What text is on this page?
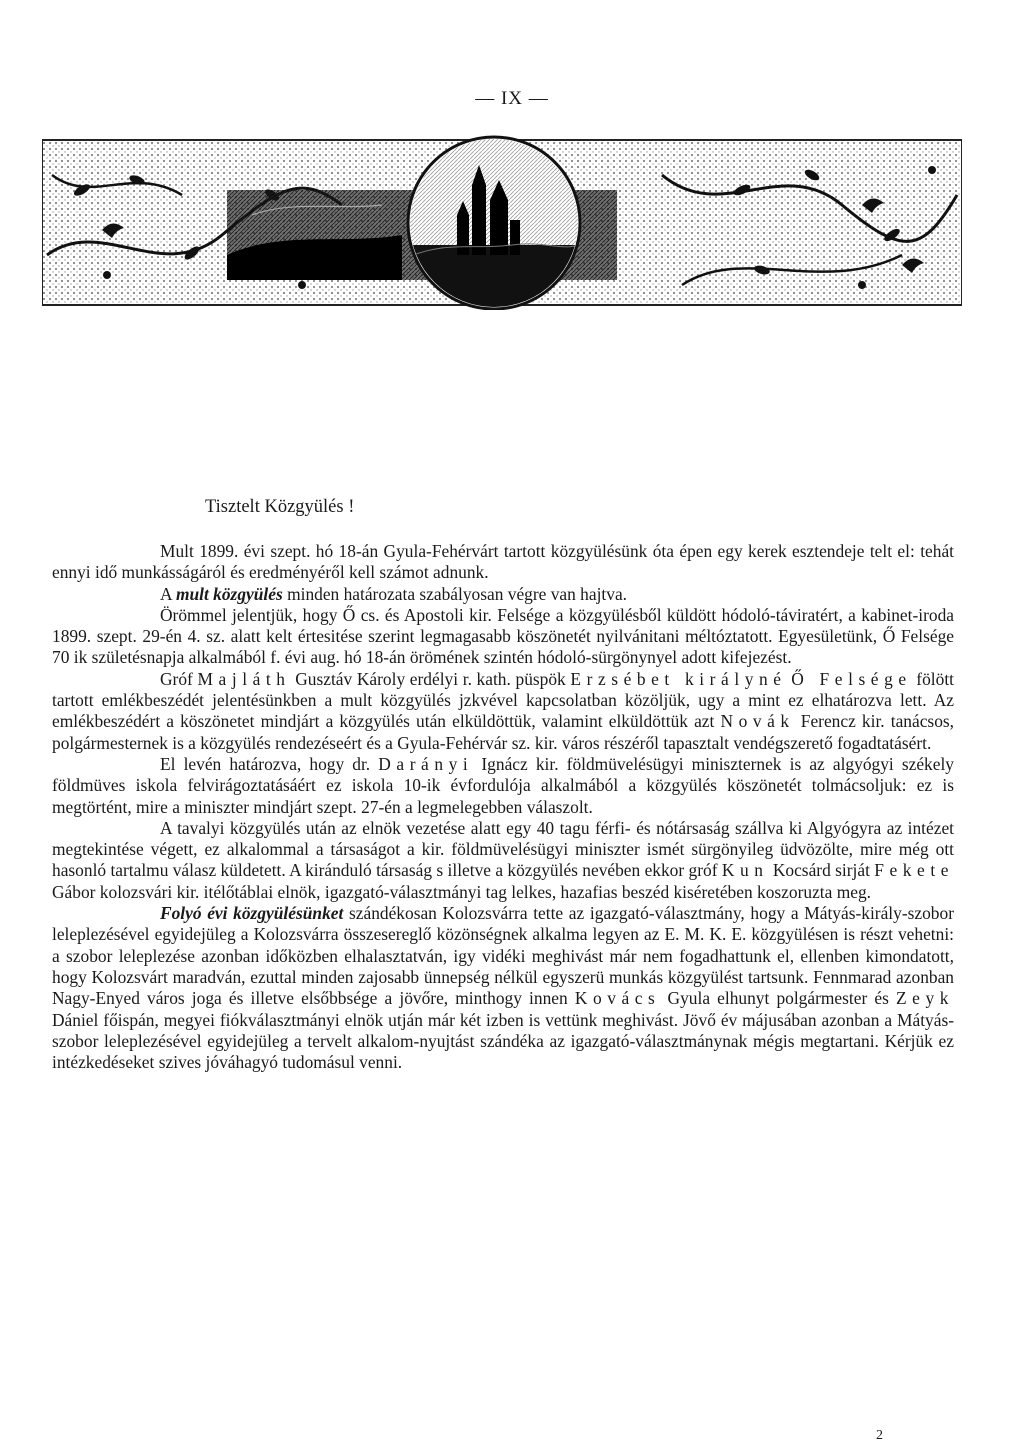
— IX —
Tisztelt Közgyülés !

Mult 1899. évi szept. hó 18-án Gyula-Fehérvárt tartott közgyülésünk óta épen egy kerek esztendeje telt el: tehát ennyi idő munkásságáról és eredményéről kell számot adnunk.

A mult közgyülés minden határozata szabályosan végre van hajtva.

Örömmel jelentjük, hogy Ő cs. és Apostoli kir. Felsége a közgyülésből küldött hódoló-táviratért, a kabinet-iroda 1899. szept. 29-én 4. sz. alatt kelt értesitése szerint legmagasabb köszönetét nyilvánitani méltóztatott. Egyesületünk, Ő Felsége 70 ik születésnapja alkalmából f. évi aug. hó 18-án örömének szintén hódoló-sürgönynyel adott kifejezést.

Gróf Majláth Gusztáv Károly erdélyi r. kath. püspök Erzsébet királyné Ő Felsége fölött tartott emlékbeszédét jelentésünkben a mult közgyülés jzkvével kapcsolatban közöljük, ugy a mint ez elhatározva lett. Az emlékbeszédért a köszönetet mindjárt a közgyülés után elküldöttük, valamint elküldöttük azt Novák Ferencz kir. tanácsos, polgármesternek is a közgyülés rendezéseért és a Gyula-Fehérvár sz. kir. város részéről tapasztalt vendégszerető fogadtatásért.

El levén határozva, hogy dr. Darányi Ignácz kir. földmüvelésügyi miniszternek is az algyógyi székely földmüves iskola felvirágoztatásáért ez iskola 10-ik évfordulója alkalmából a közgyülés köszönetét tolmácsoljuk: ez is megtörtént, mire a miniszter mindjárt szept. 27-én a legmelegebben válaszolt.

A tavalyi közgyülés után az elnök vezetése alatt egy 40 tagu férfi- és nótársaság szállva ki Algyógyra az intézet megtekintése végett, ez alkalommal a társaságot a kir. földmüvelésügyi miniszter ismét sürgönyileg üdvözölte, mire még ott hasonló tartalmu válasz küldetett. A kiránduló társaság s illetve a közgyülés nevében ekkor gróf Kun Kocsárd sirját Fekete Gábor kolozsvári kir. itélőtáblai elnök, igazgató-választmányi tag lelkes, hazafias beszéd kiséretében koszoruzta meg.

Folyó évi közgyülésünket szándékosan Kolozsvárra tette az igazgató-választmány, hogy a Mátyás-király-szobor leleplezésével egyidejüleg a Kolozsvárra összesereglő közönségnek alkalma legyen az E. M. K. E. közgyülésen is részt vehetni: a szobor leleplezése azonban időközben elhalasztatván, igy vidéki meghivást már nem fogadhattunk el, ellenben kimondatott, hogy Kolozsvárt maradván, ezuttal minden zajosabb ünnepség nélkül egyszerü munkás közgyülést tartsunk. Fennmarad azonban Nagy-Enyed város joga és illetve elsőbbsége a jövőre, minthogy innen Kovács Gyula elhunyt polgármester és Zeyk Dániel főispán, megyei fiókválasztmányi elnök utján már két izben is vettünk meghivást. Jövő év májusában azonban a Mátyás-szobor leleplezésével egyidejüleg a tervelt alkalom-nyujtást szándéka az igazgató-választmánynak mégis megtartani. Kérjük ez intézkedéseket szives jóváhagyó tudomásul venni.

2
